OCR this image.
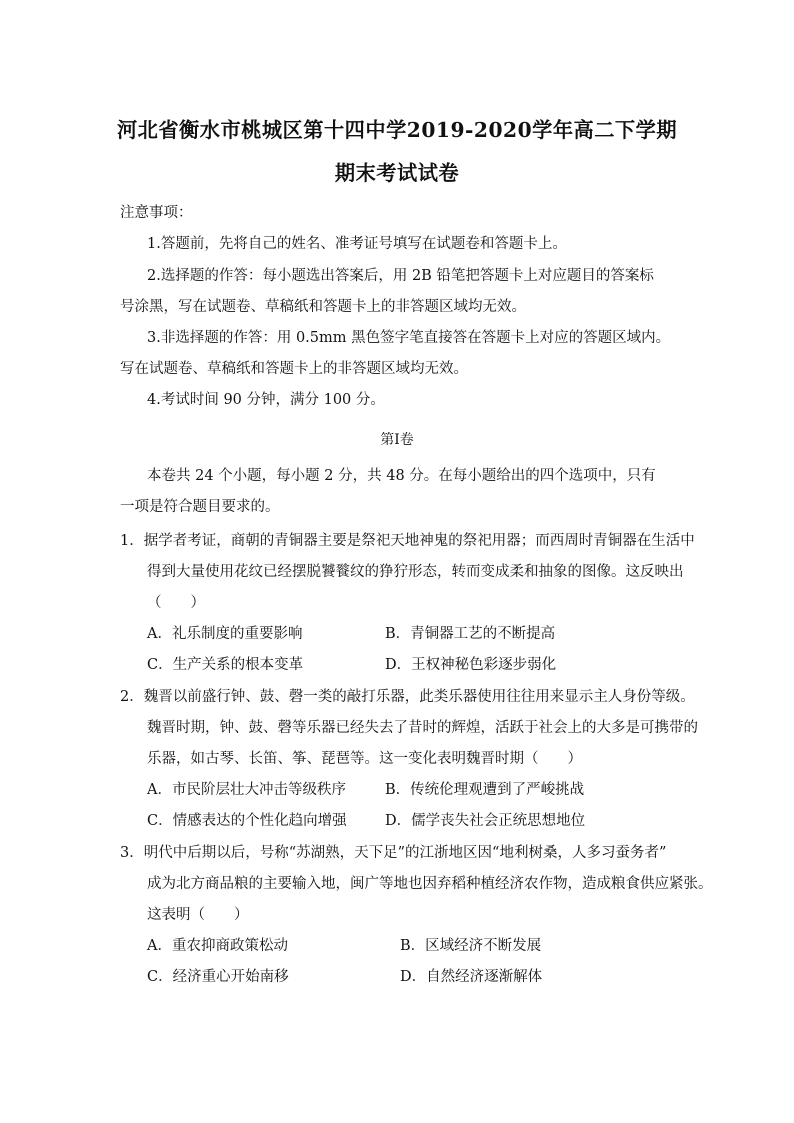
河北省衡水市桃城区第十四中学2019-2020学年高二下学期
期末考试试卷
注意事项：
1.答题前，先将自己的姓名、准考证号填写在试题卷和答题卡上。
2.选择题的作答：每小题选出答案后，用 2B 铅笔把答题卡上对应题目的答案标
号涂黑，写在试题卷、草稿纸和答题卡上的非答题区域均无效。
3.非选择题的作答：用 0.5mm 黑色签字笔直接答在答题卡上对应的答题区域内。
写在试题卷、草稿纸和答题卡上的非答题区域均无效。
4.考试时间 90 分钟，满分 100 分。
第Ⅰ卷
本卷共 24 个小题，每小题 2 分，共 48 分。在每小题给出的四个选项中，只有
一项是符合题目要求的。
1．据学者考证，商朝的青铜器主要是祭祀天地神鬼的祭祀用器；而西周时青铜器在生活中
得到大量使用花纹已经摆脱饕餮纹的狰狞形态，转而变成柔和抽象的图像。这反映出
（　　）
A．礼乐制度的重要影响	B．青铜器工艺的不断提高
C．生产关系的根本变革	D．王权神秘色彩逐步弱化
2．魏晋以前盛行钟、鼓、磬一类的敲打乐器，此类乐器使用往往用来显示主人身份等级。
魏晋时期，钟、鼓、磬等乐器已经失去了昔时的辉煌，活跃于社会上的大多是可携带的
乐器，如古琴、长笛、筝、琵琶等。这一变化表明魏晋时期（　　）
A．市民阶层壮大冲击等级秩序	B．传统伦理观遭到了严峻挑战
C．情感表达的个性化趋向增强	D．儒学丧失社会正统思想地位
3．明代中后期以后，号称“苏湖熟，天下足”的江浙地区因“地利树桑，人多习蚕务者”
成为北方商品粮的主要输入地，闽广等地也因弃稻种植经济农作物，造成粮食供应紧张。
这表明（　　）
A．重农抑商政策松动	B．区域经济不断发展
C．经济重心开始南移	D．自然经济逐渐解体
